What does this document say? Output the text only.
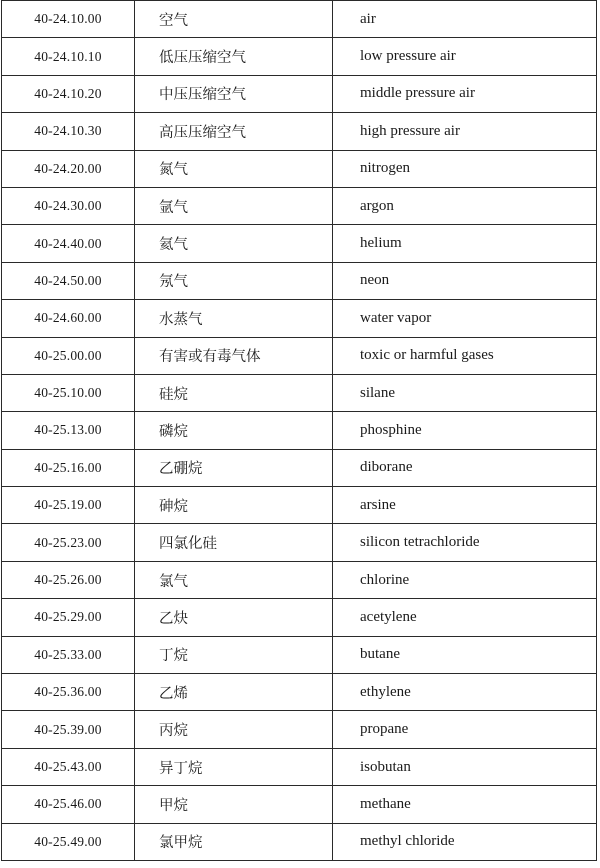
40-24.10.00	空气	air
40-24.10.10	低压压缩空气	low pressure air
40-24.10.20	中压压缩空气	middle pressure air
40-24.10.30	高压压缩空气	high pressure air
40-24.20.00	氮气	nitrogen
40-24.30.00	氩气	argon
40-24.40.00	氦气	helium
40-24.50.00	氖气	neon
40-24.60.00	水蒸气	water vapor
40-25.00.00	有害或有毒气体	toxic or harmful gases
40-25.10.00	硅烷	silane
40-25.13.00	磷烷	phosphine
40-25.16.00	乙硼烷	diborane
40-25.19.00	砷烷	arsine
40-25.23.00	四氯化硅	silicon tetrachloride
40-25.26.00	氯气	chlorine
40-25.29.00	乙炔	acetylene
40-25.33.00	丁烷	butane
40-25.36.00	乙烯	ethylene
40-25.39.00	丙烷	propane
40-25.43.00	异丁烷	isobutan
40-25.46.00	甲烷	methane
40-25.49.00	氯甲烷	methyl chloride
